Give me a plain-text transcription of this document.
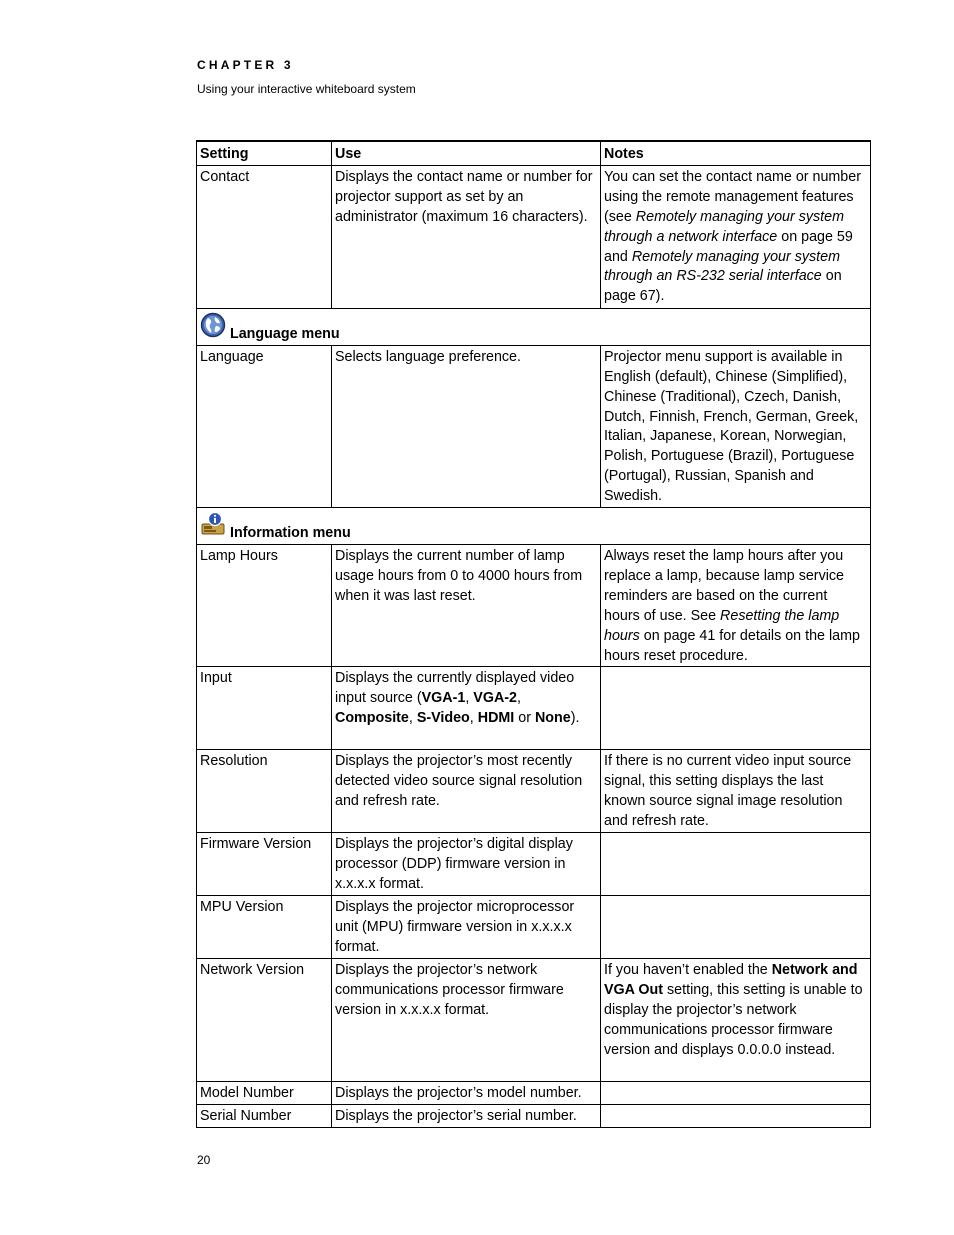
CHAPTER 3
Using your interactive whiteboard system
Setting	Use	Notes
Contact	Displays the contact name or number for projector support as set by an administrator (maximum 16 characters).	You can set the contact name or number using the remote management features (see Remotely managing your system through a network interface on page 59 and Remotely managing your system through an RS-232 serial interface on page 67).
Language menu		
Language	Selects language preference.	Projector menu support is available in English (default), Chinese (Simplified), Chinese (Traditional), Czech, Danish, Dutch, Finnish, French, German, Greek, Italian, Japanese, Korean, Norwegian, Polish, Portuguese (Brazil), Portuguese (Portugal), Russian, Spanish and Swedish.
Information menu		
Lamp Hours	Displays the current number of lamp usage hours from 0 to 4000 hours from when it was last reset.	Always reset the lamp hours after you replace a lamp, because lamp service reminders are based on the current hours of use. See Resetting the lamp hours on page 41 for details on the lamp hours reset procedure.
Input	Displays the currently displayed video input source (VGA-1, VGA-2, Composite, S-Video, HDMI or None).	
Resolution	Displays the projector’s most recently detected video source signal resolution and refresh rate.	If there is no current video input source signal, this setting displays the last known source signal image resolution and refresh rate.
Firmware Version	Displays the projector’s digital display processor (DDP) firmware version in x.x.x.x format.	
MPU Version	Displays the projector microprocessor unit (MPU) firmware version in x.x.x.x format.	
Network Version	Displays the projector’s network communications processor firmware version in x.x.x.x format.	If you haven’t enabled the Network and VGA Out setting, this setting is unable to display the projector’s network communications processor firmware version and displays 0.0.0.0 instead.
Model Number	Displays the projector’s model number.	
Serial Number	Displays the projector’s serial number.	
20
